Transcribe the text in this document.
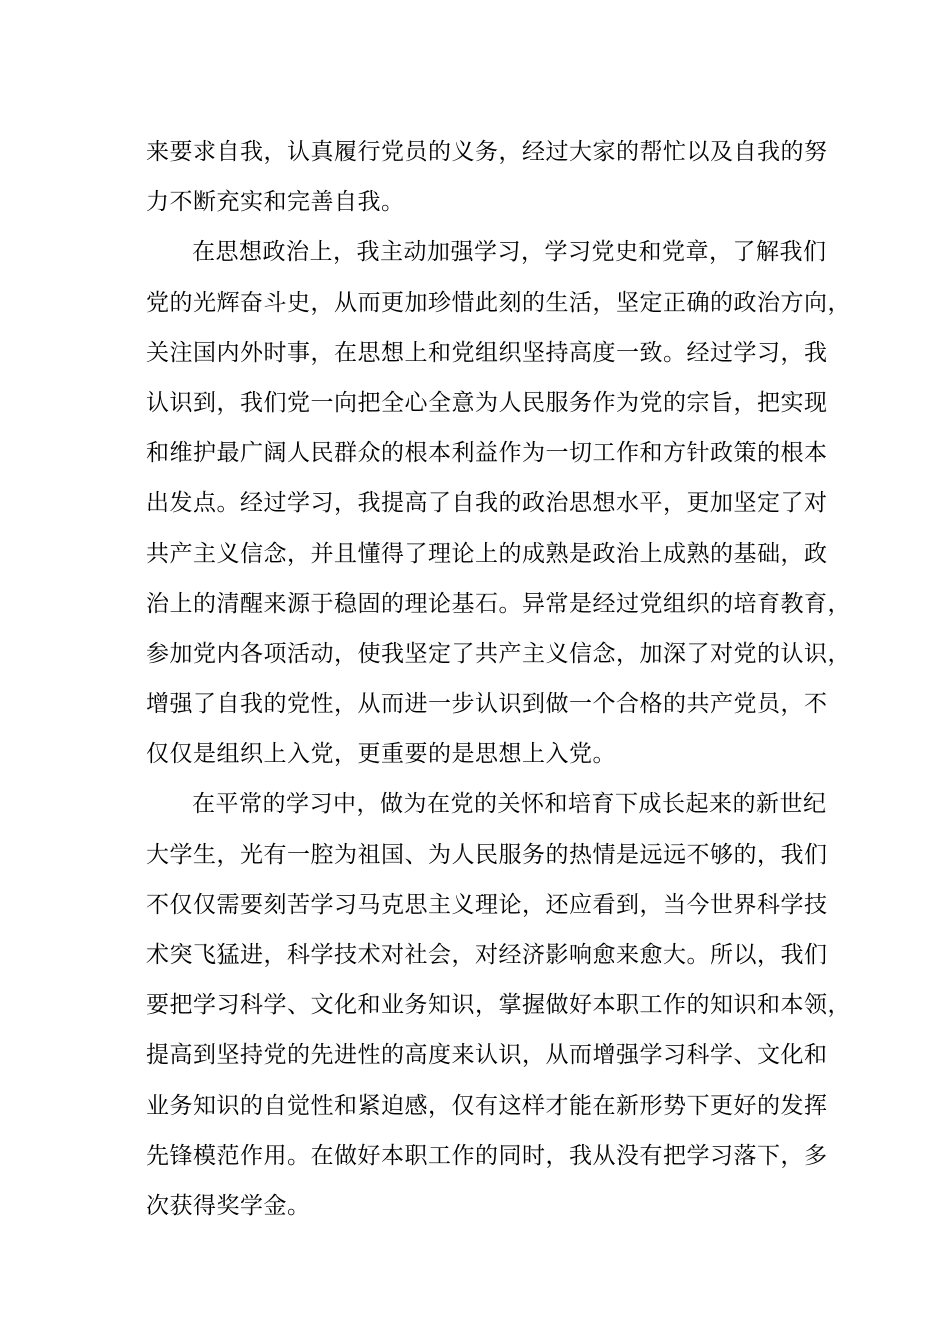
来要求自我，认真履行党员的义务，经过大家的帮忙以及自我的努
力不断充实和完善自我。
在思想政治上，我主动加强学习，学习党史和党章，了解我们
党的光辉奋斗史，从而更加珍惜此刻的生活，坚定正确的政治方向，
关注国内外时事，在思想上和党组织坚持高度一致。经过学习，我
认识到，我们党一向把全心全意为人民服务作为党的宗旨，把实现
和维护最广阔人民群众的根本利益作为一切工作和方针政策的根本
出发点。经过学习，我提高了自我的政治思想水平，更加坚定了对
共产主义信念，并且懂得了理论上的成熟是政治上成熟的基础，政
治上的清醒来源于稳固的理论基石。异常是经过党组织的培育教育，
参加党内各项活动，使我坚定了共产主义信念，加深了对党的认识，
增强了自我的党性，从而进一步认识到做一个合格的共产党员，不
仅仅是组织上入党，更重要的是思想上入党。
在平常的学习中，做为在党的关怀和培育下成长起来的新世纪
大学生，光有一腔为祖国、为人民服务的热情是远远不够的，我们
不仅仅需要刻苦学习马克思主义理论，还应看到，当今世界科学技
术突飞猛进，科学技术对社会，对经济影响愈来愈大。所以，我们
要把学习科学、文化和业务知识，掌握做好本职工作的知识和本领，
提高到坚持党的先进性的高度来认识，从而增强学习科学、文化和
业务知识的自觉性和紧迫感，仅有这样才能在新形势下更好的发挥
先锋模范作用。在做好本职工作的同时，我从没有把学习落下，多
次获得奖学金。
